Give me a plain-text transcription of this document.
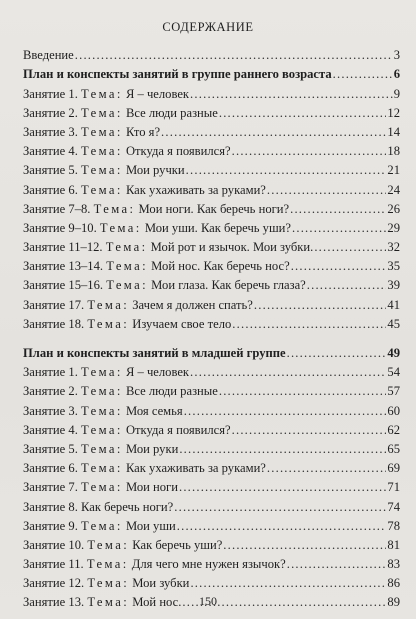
СОДЕРЖАНИЕ
Введение .....	3
План и конспекты занятий в группе раннего возраста .....	6
Занятие 1. Тема: Я – человек .....	9
Занятие 2. Тема: Все люди разные .....	12
Занятие 3. Тема: Кто я? .....	14
Занятие 4. Тема: Откуда я появился? .....	18
Занятие 5. Тема: Мои ручки .....	21
Занятие 6. Тема: Как ухаживать за руками? .....	24
Занятие 7–8. Тема: Мои ноги. Как беречь ноги? .....	26
Занятие 9–10. Тема: Мои уши. Как беречь уши? .....	29
Занятие 11–12. Тема: Мой рот и язычок. Мои зубки. .....	32
Занятие 13–14. Тема: Мой нос. Как беречь нос? .....	35
Занятие 15–16. Тема: Мои глаза. Как беречь глаза? .....	39
Занятие 17. Тема: Зачем я должен спать? .....	41
Занятие 18. Тема: Изучаем свое тело .....	45
План и конспекты занятий в младшей группе .....	49
Занятие 1. Тема: Я – человек .....	54
Занятие 2. Тема: Все люди разные .....	57
Занятие 3. Тема: Моя семья .....	60
Занятие 4. Тема: Откуда я появился? .....	62
Занятие 5. Тема: Мои руки .....	65
Занятие 6. Тема: Как ухаживать за руками? .....	69
Занятие 7. Тема: Мои ноги .....	71
Занятие 8. Как беречь ноги? .....	74
Занятие 9. Тема: Мои уши .....	78
Занятие 10. Тема: Как беречь уши? .....	81
Занятие 11. Тема: Для чего мне нужен язычок? .....	83
Занятие 12. Тема: Мои зубки .....	86
Занятие 13. Тема: Мой нос. .....	89
150
